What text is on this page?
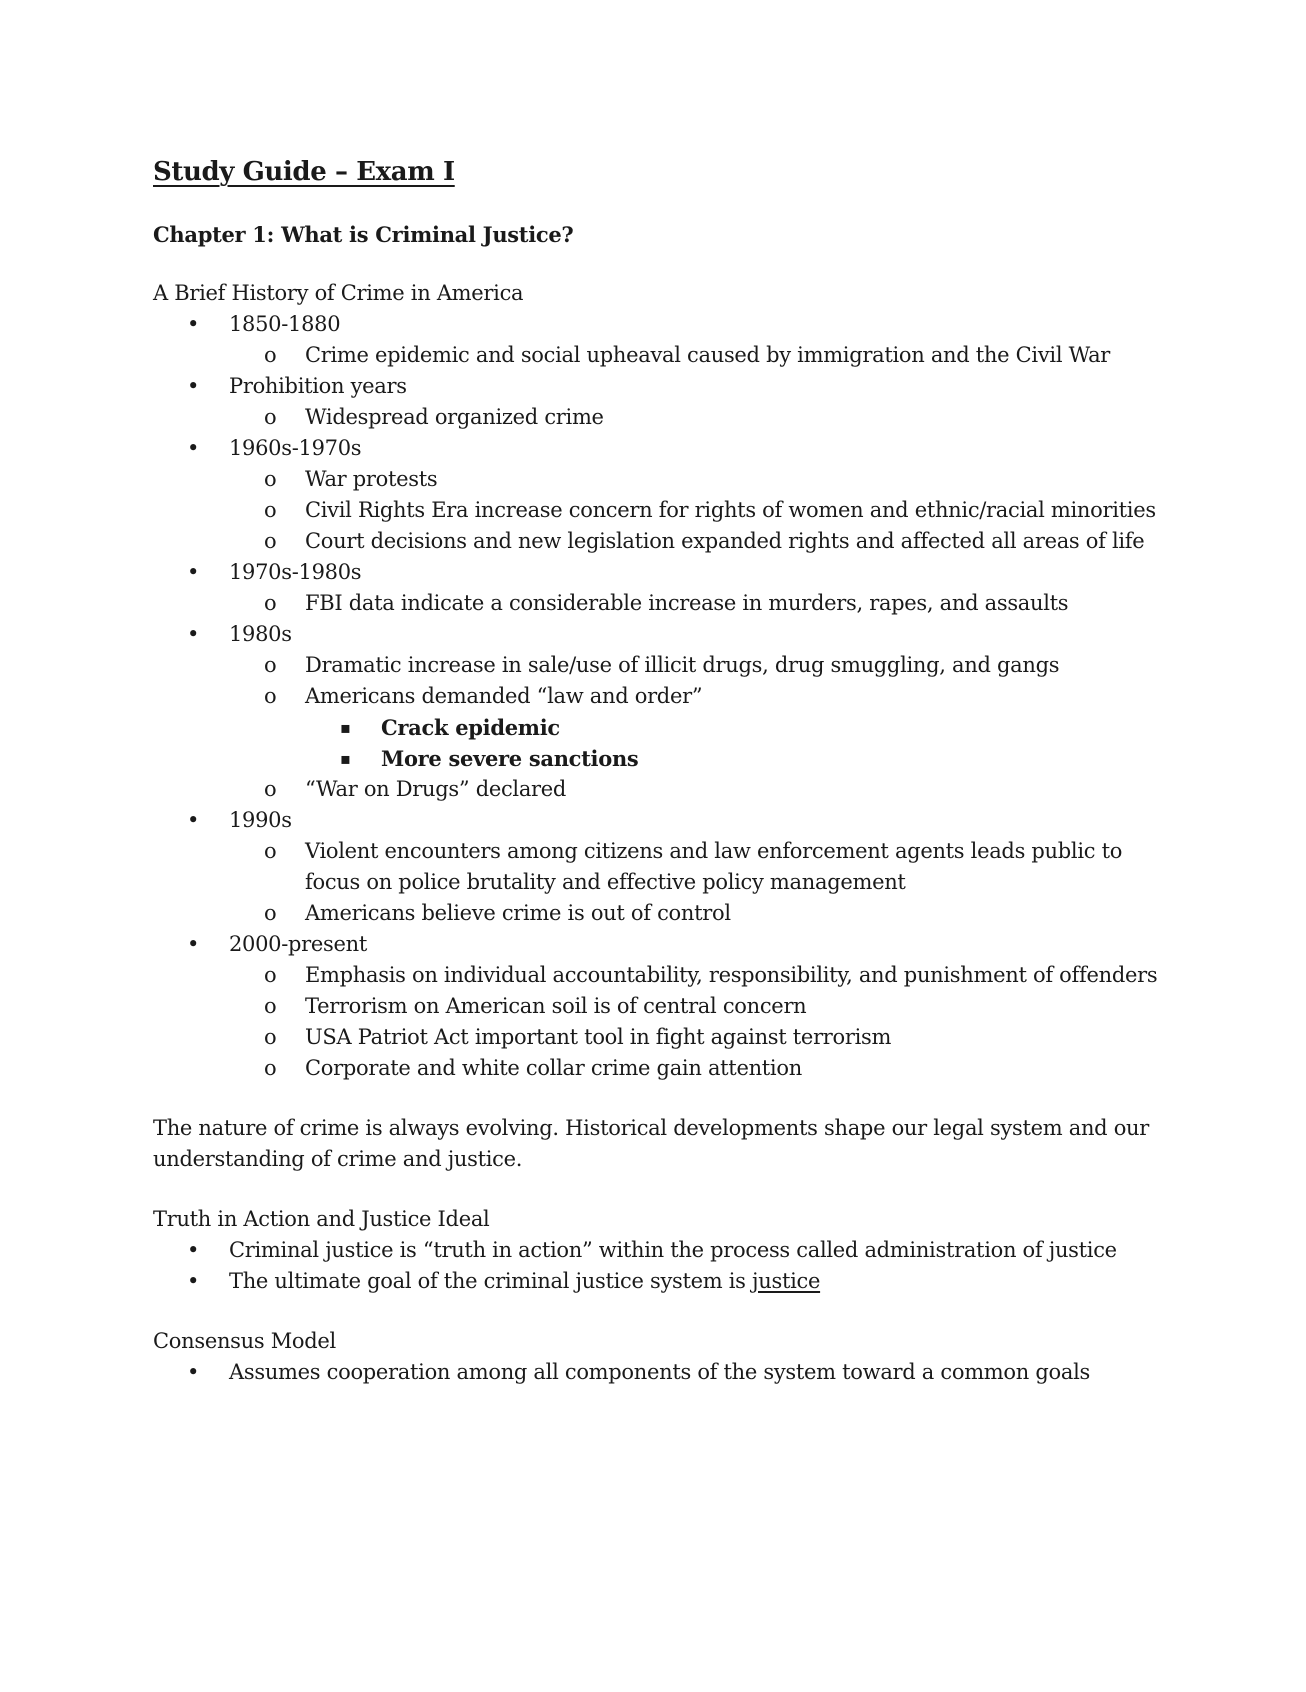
Study Guide – Exam I
Chapter 1: What is Criminal Justice?

A Brief History of Crime in America

• 1850-1880
o Crime epidemic and social upheaval caused by immigration and the Civil War
• Prohibition years
o Widespread organized crime
• 1960s-1970s
o War protests
o Civil Rights Era increase concern for rights of women and ethnic/racial minorities
o Court decisions and new legislation expanded rights and affected all areas of life
• 1970s-1980s
o FBI data indicate a considerable increase in murders, rapes, and assaults
• 1980s
o Dramatic increase in sale/use of illicit drugs, drug smuggling, and gangs
o Americans demanded “law and order”
▪ Crack epidemic
▪ More severe sanctions
o “War on Drugs” declared
• 1990s
o Violent encounters among citizens and law enforcement agents leads public to focus on police brutality and effective policy management
o Americans believe crime is out of control
• 2000-present
o Emphasis on individual accountability, responsibility, and punishment of offenders
o Terrorism on American soil is of central concern
o USA Patriot Act important tool in fight against terrorism
o Corporate and white collar crime gain attention

The nature of crime is always evolving. Historical developments shape our legal system and our understanding of crime and justice.

Truth in Action and Justice Ideal

• Criminal justice is “truth in action” within the process called administration of justice
• The ultimate goal of the criminal justice system is justice

Consensus Model

• Assumes cooperation among all components of the system toward a common goals
